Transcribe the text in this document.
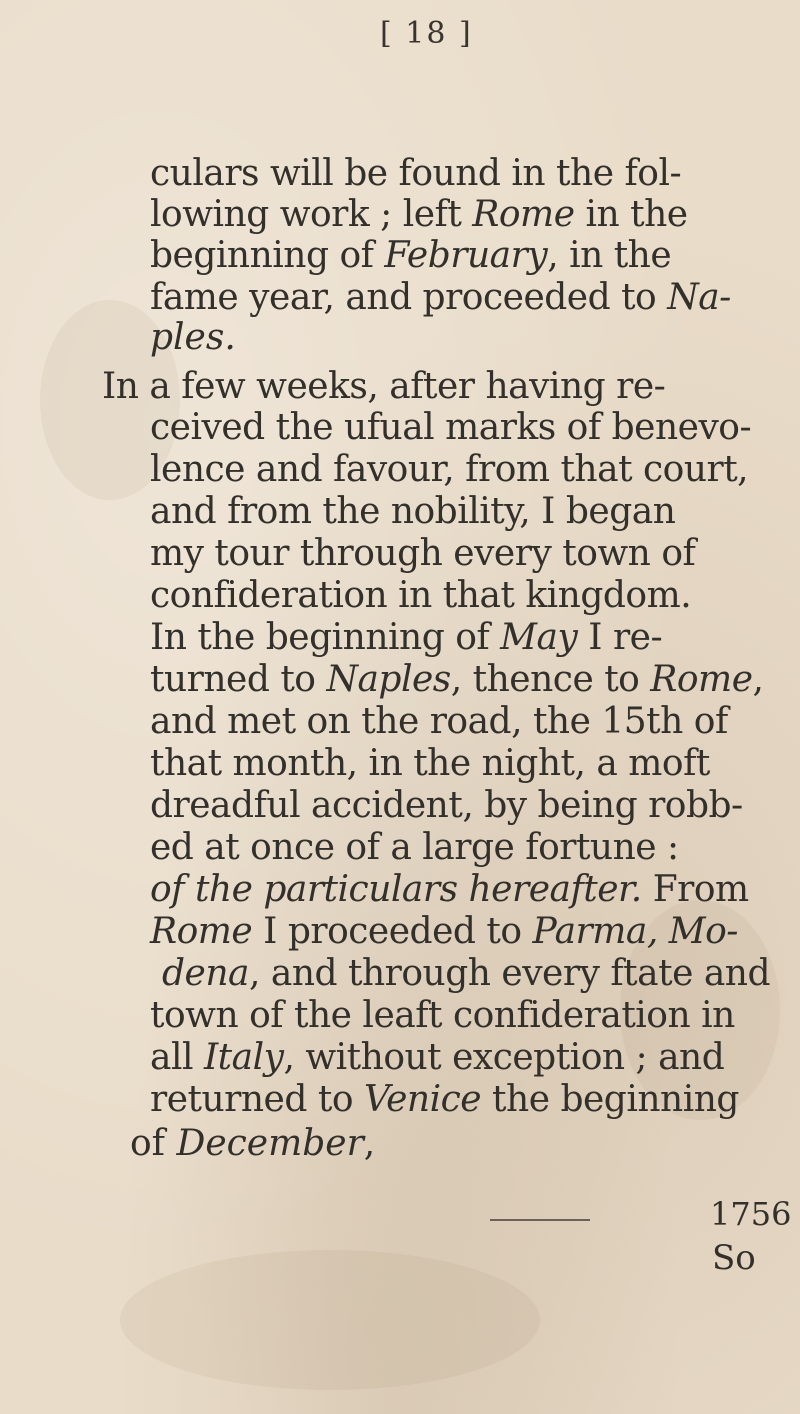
[ 18 ]
culars will be found in the fol-
lowing work ; left Rome in the
beginning of February, in the
fame year, and proceeded to Na-
ples.
In a few weeks, after having re-
ceived the ufual marks of benevo-
lence and favour, from that court,
and from the nobility, I began
my tour through every town of
confideration in that kingdom.
In the beginning of May I re-
turned to Naples, thence to Rome,
and met on the road, the 15th of
that month, in the night, a moft
dreadful accident, by being robb-
ed at once of a large fortune :
of the particulars hereafter. From
Rome I proceeded to Parma, Mo-
dena, and through every ftate and
town of the leaft confideration in
all Italy, without exception ; and
returned to Venice the beginning
of December,
1756
So
